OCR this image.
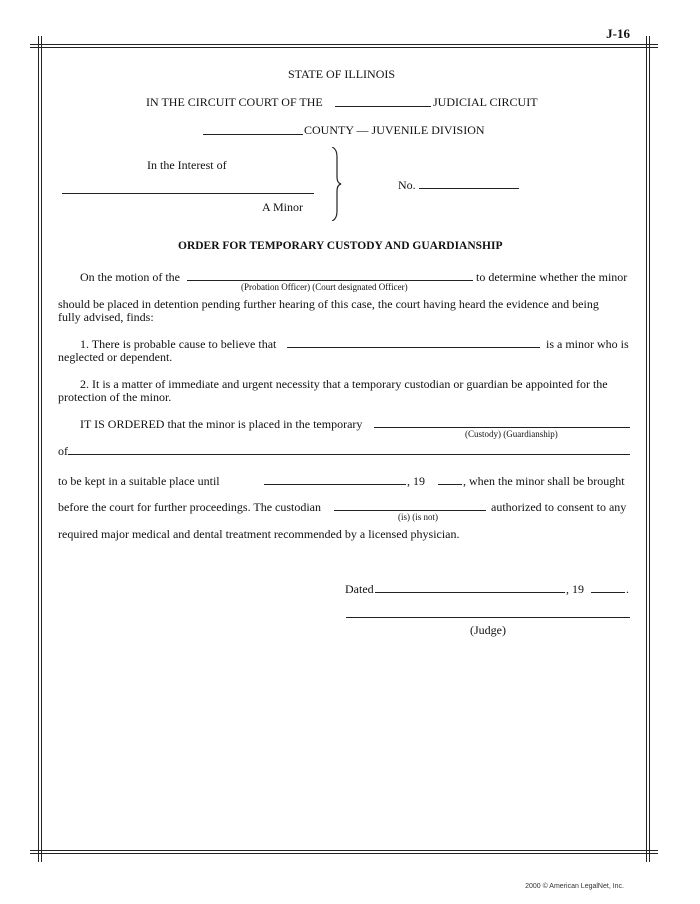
J-16
STATE OF ILLINOIS
IN THE CIRCUIT COURT OF THE	JUDICIAL CIRCUIT
COUNTY — JUVENILE DIVISION
In the Interest of
A Minor
No.
ORDER FOR TEMPORARY CUSTODY AND GUARDIANSHIP
On the motion of the
(Probation Officer) (Court designated Officer)
to determine whether the minor
should be placed in detention pending further hearing of this case, the court having heard the evidence and being
fully advised, finds:
1. There is probable cause to believe that	is a minor who is
neglected or dependent.
2. It is a matter of immediate and urgent necessity that a temporary custodian or guardian be appointed for the
protection of the minor.
IT IS ORDERED that the minor is placed in the temporary
(Custody) (Guardianship)
of
to be kept in a suitable place until	, 19	, when the minor shall be brought
before the court for further proceedings. The custodian
(is) (is not)
authorized to consent to any
required major medical and dental treatment recommended by a licensed physician.
Dated	, 19	.
(Judge)
2000 © American LegalNet, Inc.
